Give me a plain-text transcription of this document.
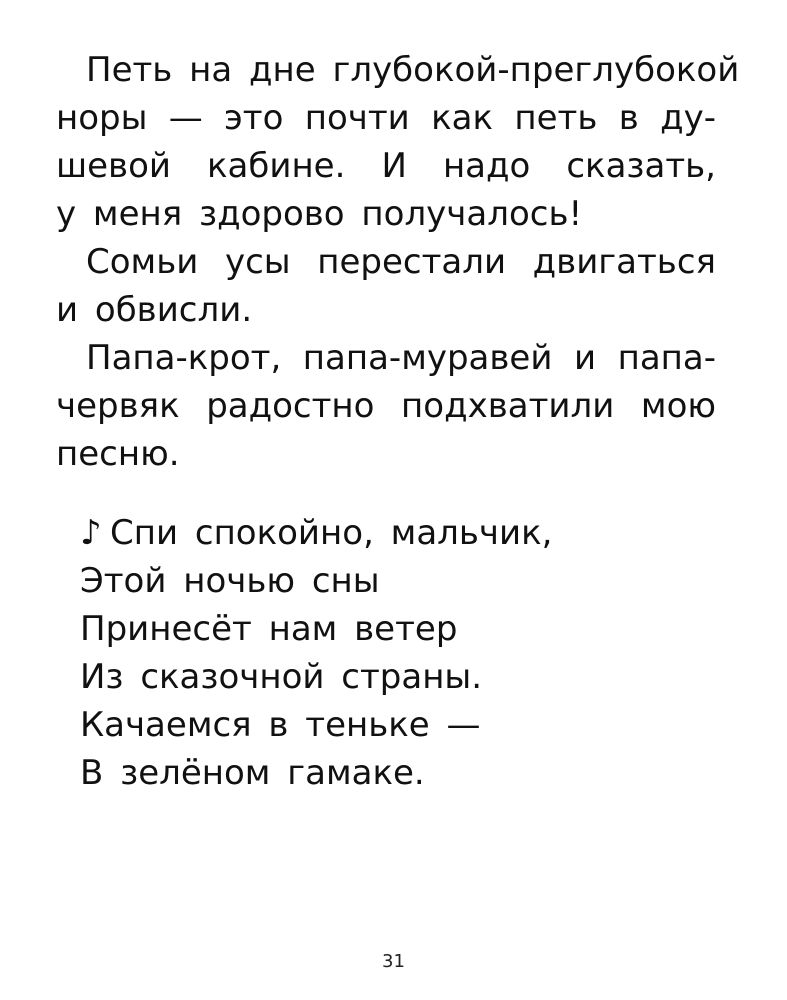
Петь на дне глубокой-преглубокой
норы — это почти как петь в ду-
шевой кабине. И надо сказать,
у меня здорово получалось!

Сомьи усы перестали двигаться
и обвисли.

Папа-крот, папа-муравей и папа-
червяк радостно подхватили мою
песню.

♪ Спи спокойно, мальчик,
Этой ночью сны
Принесёт нам ветер
Из сказочной страны.
Качаемся в теньке —
В зелёном гамаке.
31
